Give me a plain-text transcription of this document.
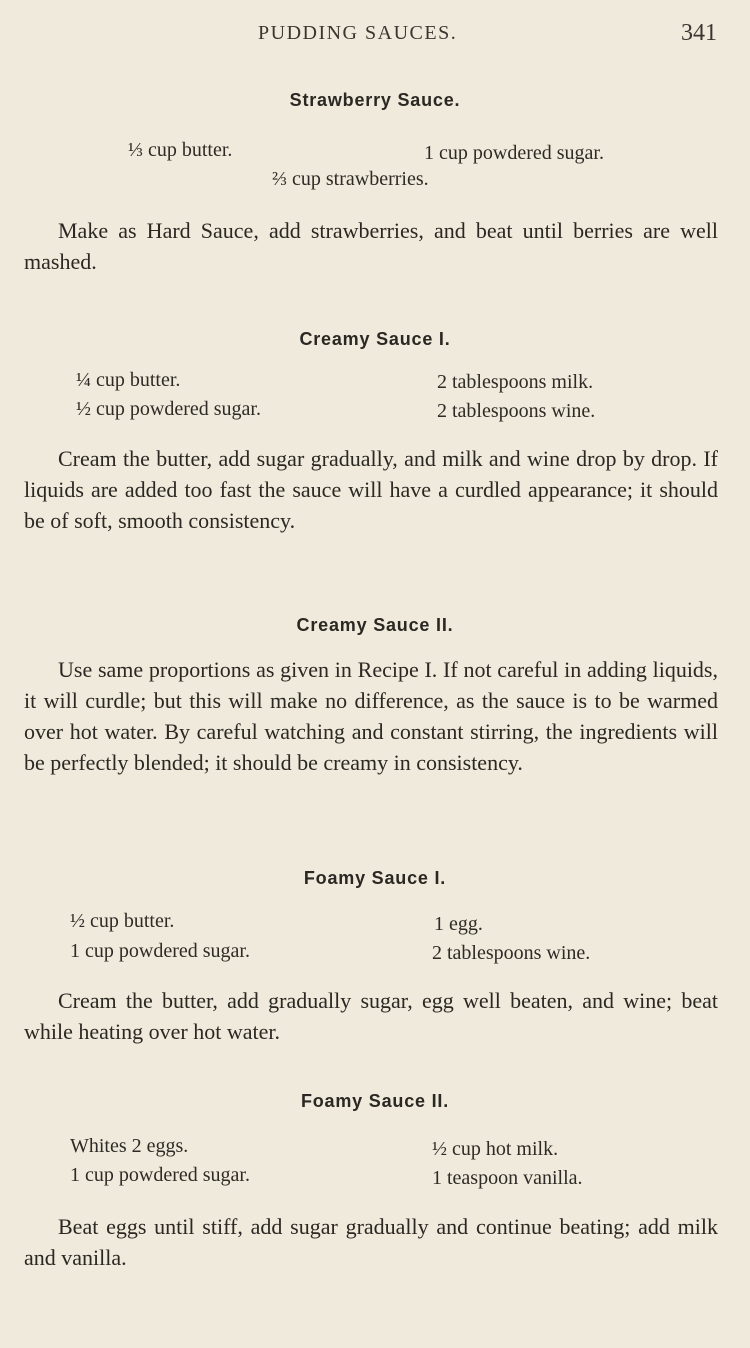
PUDDING SAUCES.	341
Strawberry Sauce.
⅓ cup butter.	1 cup powdered sugar.
⅔ cup strawberries.

Make as Hard Sauce, add strawberries, and beat until berries are well mashed.

Creamy Sauce I.
¼ cup butter.	2 tablespoons milk.
½ cup powdered sugar.	2 tablespoons wine.

Cream the butter, add sugar gradually, and milk and wine drop by drop. If liquids are added too fast the sauce will have a curdled appearance; it should be of soft, smooth consistency.

Creamy Sauce II.

Use same proportions as given in Recipe I. If not careful in adding liquids, it will curdle; but this will make no difference, as the sauce is to be warmed over hot water. By careful watching and constant stirring, the ingredients will be perfectly blended; it should be creamy in consistency.

Foamy Sauce I.
½ cup butter.	1 egg.
1 cup powdered sugar.	2 tablespoons wine.

Cream the butter, add gradually sugar, egg well beaten, and wine; beat while heating over hot water.

Foamy Sauce II.
Whites 2 eggs.	½ cup hot milk.
1 cup powdered sugar.	1 teaspoon vanilla.

Beat eggs until stiff, add sugar gradually and continue beating; add milk and vanilla.
